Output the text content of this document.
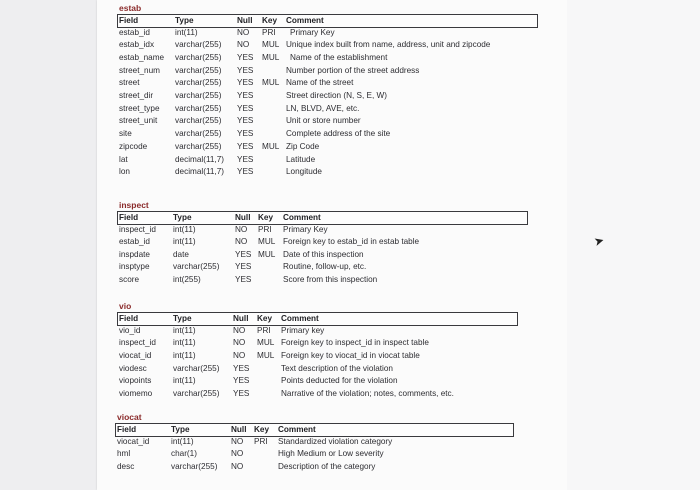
➤
estab
Field	Type	Null Key Comment
estab_id	int(11)	NO PRI Primary Key
estab_idx	varchar(255) NO MUL Unique index built from name, address, unit and zipcode
estab_name varchar(255) YES MUL Name of the establishment
street_num varchar(255) YES	Number portion of the street address
street	varchar(255) YES MUL Name of the street
street_dir	varchar(255) YES	Street direction (N, S, E, W)
street_type varchar(255) YES	LN, BLVD, AVE, etc.
street_unit varchar(255) YES	Unit or store number
site	varchar(255) YES	Complete address of the site
zipcode	varchar(255) YES MUL Zip Code
lat	decimal(11,7) YES	Latitude
lon	decimal(11,7) YES	Longitude
inspect
Field	Type	Null Key Comment
inspect_id int(11)	NO PRI Primary Key
estab_id	int(11)	NO MUL Foreign key to estab_id in estab table
inspdate	date	YES MUL Date of this inspection
insptype	varchar(255) YES	Routine, follow-up, etc.
score	int(255)	YES	Score from this inspection
vio
Field	Type	Null Key Comment
vio_id	int(11)	NO PRI Primary key
inspect_id int(11)	NO MUL Foreign key to inspect_id in inspect table
viocat_id	int(11)	NO MUL Foreign key to viocat_id in viocat table
viodesc	varchar(255) YES	Text description of the violation
viopoints	int(11)	YES	Points deducted for the violation
viomemo	varchar(255) YES	Narrative of the violation; notes, comments, etc.
viocat
Field	Type	Null Key Comment
viocat_id	int(11)	NO PRI Standardized violation category
hml	char(1)	NO	High Medium or Low severity
desc	varchar(255) NO	Description of the category
